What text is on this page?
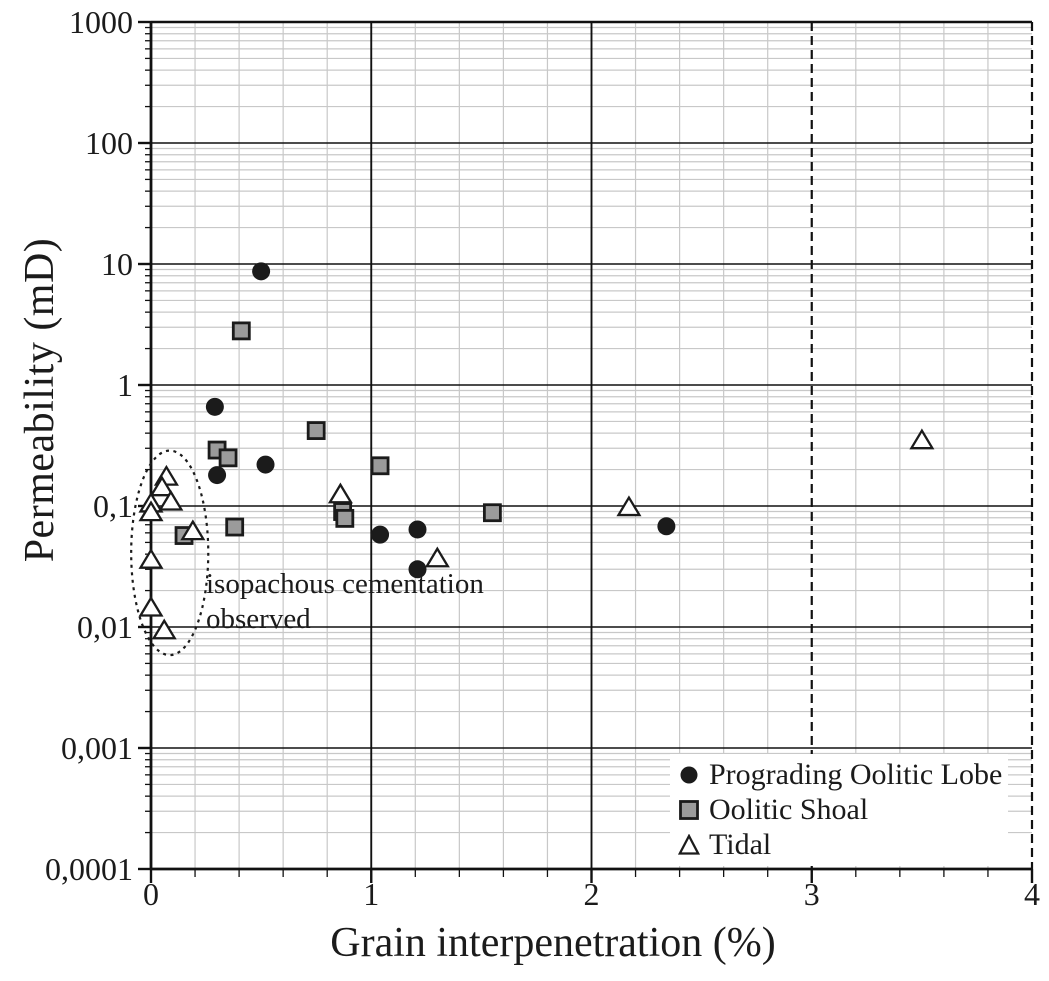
0	1	2	3	4
1000
100
10
1
0,1
0,01
0,001
0,0001
Permeability (mD)
Grain interpenetration (%)
isopachous cementation
observed
Prograding Oolitic Lobe
Oolitic Shoal
Tidal
